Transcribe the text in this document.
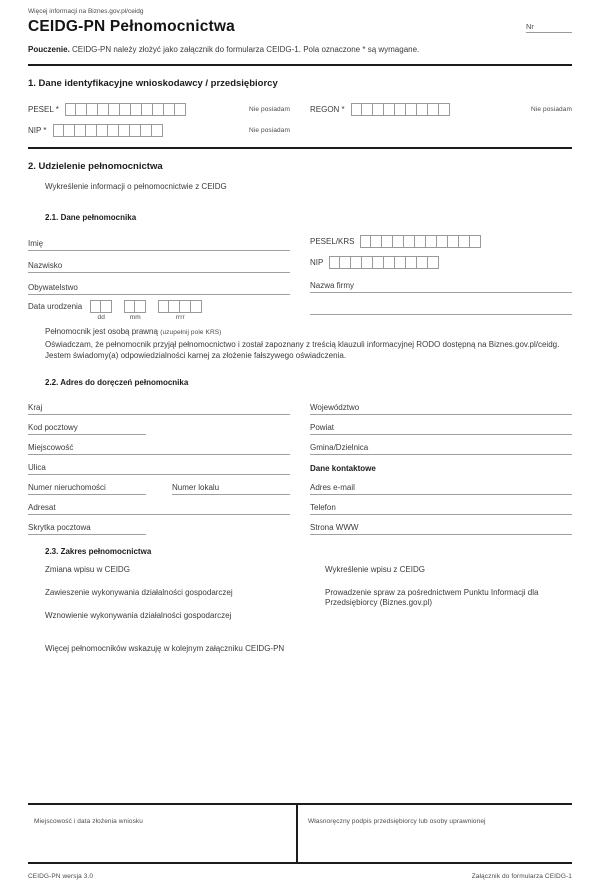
Więcej informacji na Biznes.gov.pl/ceidg
CEIDG-PN Pełnomocnictwa	Nr

Pouczenie. CEIDG-PN należy złożyć jako załącznik do formularza CEIDG-1. Pola oznaczone * są wymagane.

1. Dane identyfikacyjne wnioskodawcy / przedsiębiorcy
PESEL *	Nie posiadam	REGON *	Nie posiadam
NIP *	Nie posiadam
2. Udzielenie pełnomocnictwa
Wykreślenie informacji o pełnomocnictwie z CEIDG
2.1. Dane pełnomocnika
Imię
Nazwisko
Obywatelstwo
Data urodzenia
dd	mm	rrrr
PESEL/KRS
NIP
Nazwa firmy
Pełnomocnik jest osobą prawną (uzupełnij pole KRS)
Oświadczam, że pełnomocnik przyjął pełnomocnictwo i został zapoznany z treścią klauzuli informacyjnej RODO dostępną na Biznes.gov.pl/ceidg. Jestem świadomy(a) odpowiedzialności karnej za złożenie fałszywego oświadczenia.
2.2. Adres do doręczeń pełnomocnika
Kraj
Kod pocztowy
Miejscowość
Ulica
Numer nieruchomości	Numer lokalu
Adresat
Skrytka pocztowa
Województwo
Powiat
Gmina/Dzielnica
Dane kontaktowe
Adres e-mail
Telefon
Strona WWW
2.3. Zakres pełnomocnictwa
Zmiana wpisu w CEIDG
Zawieszenie wykonywania działalności gospodarczej
Wznowienie wykonywania działalności gospodarczej
Wykreślenie wpisu z CEIDG
Prowadzenie spraw za pośrednictwem Punktu Informacji dla Przedsiębiorcy (Biznes.gov.pl)
Więcej pełnomocników wskazuję w kolejnym załączniku CEIDG-PN
Miejscowość i data złożenia wniosku	Własnoręczny podpis przedsiębiorcy lub osoby uprawnionej
CEIDG-PN wersja 3.0	Załącznik do formularza CEIDG-1
